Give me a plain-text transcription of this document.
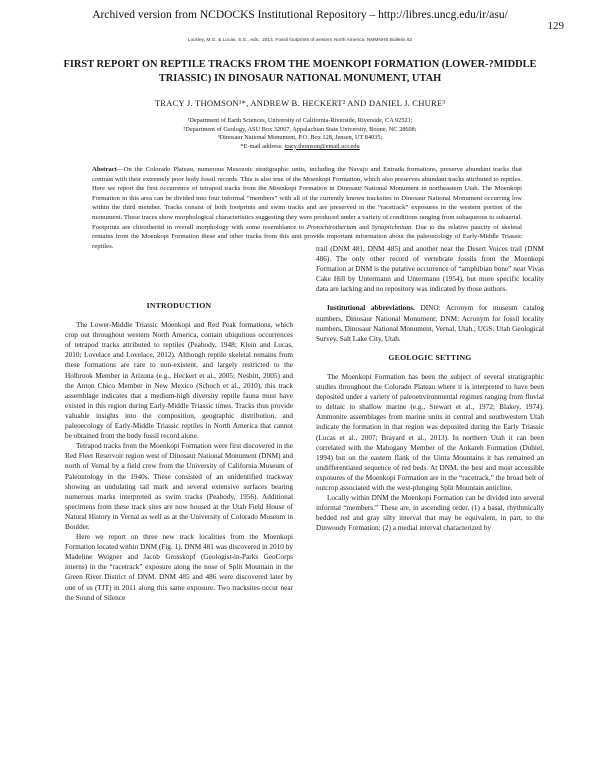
Archived version from NCDOCKS Institutional Repository – http://libres.uncg.edu/ir/asu/
129
Lockley, M.G. & Lucas, S.G., eds., 2014, Fossil footprints of western North America: NMMNHS Bulletin 62
FIRST REPORT ON REPTILE TRACKS FROM THE MOENKOPI FORMATION (LOWER-?MIDDLE TRIASSIC) IN DINOSAUR NATIONAL MONUMENT, UTAH
TRACY J. THOMSON¹*, ANDREW B. HECKERT² AND DANIEL J. CHURE³
¹Department of Earth Sciences, University of California-Riverside, Riverside, CA 92521;
²Department of Geology, ASU Box 32067, Appalachian State University, Boone, NC 28608;
³Dinosaur National Monument, P.O. Box 128, Jensen, UT 84035;
*E-mail address: tracy.thomson@email.ucr.edu
Abstract—On the Colorado Plateau, numerous Mesozoic stratigraphic units, including the Navajo and Entrada formations, preserve abundant tracks that contrast with their extremely poor body fossil records. This is also true of the Moenkopi Formation, which also preserves abundant tracks attributed to reptiles. Here we report the first occurrence of tetrapod tracks from the Moenkopi Formation in Dinosaur National Monument in northeastern Utah. The Moenkopi Formation in this area can be divided into four informal “members” with all of the currently known tracksites in Dinosaur National Monument occurring low within the third member. Tracks consist of both footprints and swim tracks and are preserved in the “racetrack” exposures in the western portion of the monument. These traces show morphological characteristics suggesting they were produced under a variety of conditions ranging from subaqueous to subaerial. Footprints are chirotheriid in overall morphology with some resemblance to Protochirotherium and Synaptichnium. Due to the relative paucity of skeletal remains from the Moenkopi Formation these and other tracks from this unit provide important information about the paleoecology of Early-Middle Triassic reptiles.
INTRODUCTION

The Lower-Middle Triassic Moenkopi and Red Peak formations, which crop out throughout western North America, contain ubiquitous occurrences of tetrapod tracks attributed to reptiles (Peabody, 1948; Klein and Lucas, 2010; Lovelace and Lovelace, 2012). Although reptile skeletal remains from these formations are rare to non-existent, and largely restricted to the Holbrook Member in Arizona (e.g., Heckert et al., 2005; Nesbitt, 2005) and the Anton Chico Member in New Mexico (Schoch et al., 2010), this track assemblage indicates that a medium-high diversity reptile fauna must have existed in this region during Early-Middle Triassic times. Tracks thus provide valuable insights into the composition, geographic distribution, and paleoecology of Early-Middle Triassic reptiles in North America that cannot be obtained from the body fossil record alone.

Tetrapod tracks from the Moenkopi Formation were first discovered in the Red Fleet Reservoir region west of Dinosaur National Monument (DNM) and north of Vernal by a field crew from the University of California Museum of Paleontology in the 1940s. These consisted of an unidentified trackway showing an undulating tail mark and several extensive surfaces bearing numerous marks interpreted as swim tracks (Peabody, 1956). Additional specimens from these track sites are now housed at the Utah Field House of Natural History in Vernal as well as at the University of Colorado Museum in Boulder.

Here we report on three new track localities from the Moenkopi Formation located within DNM (Fig. 1). DNM 481 was discovered in 2010 by Madeline Weigner and Jacob Grosskopf (Geologist-in-Parks GeoCorps interns) in the “racetrack” exposure along the nose of Split Mountain in the Green River District of DNM. DNM 485 and 486 were discovered later by one of us (TJT) in 2011 along this same exposure. Two tracksites occur near the Sound of Silence

trail (DNM 481, DNM 485) and another near the Desert Voices trail (DNM 486). The only other record of vertebrate fossils from the Moenkopi Formation at DNM is the putative occurrence of “amphibian bone” near Vivas Cake Hill by Untermann and Untermann (1954), but more specific locality data are lacking and no repository was indicated by those authors.

Institutional abbreviations. DINO: Acronym for museum catalog numbers, Dinosaur National Monument; DNM: Acronym for fossil locality numbers, Dinosaur National Monument, Vernal, Utah.; UGS: Utah Geological Survey, Salt Lake City, Utah.

GEOLOGIC SETTING

The Moenkopi Formation has been the subject of several stratigraphic studies throughout the Colorado Plateau where it is interpreted to have been deposited under a variety of paleoenvironmental regimes ranging from fluvial to deltaic to shallow marine (e.g., Stewart et al., 1972; Blakey, 1974). Ammonite assemblages from marine units in central and southwestern Utah indicate the formation in that region was deposited during the Early Triassic (Lucas et al., 2007; Brayard et al., 2013). In northern Utah it can been correlated with the Mahogany Member of the Ankareh Formation (Dubiel, 1994) but on the eastern flank of the Uinta Mountains it has remained an undifferentiated sequence of red beds. At DNM, the best and most accessible exposures of the Moenkopi Formation are in the “racetrack,” the broad belt of outcrop associated with the west-plunging Split Mountain anticline.

Locally within DNM the Moenkopi Formation can be divided into several informal “members.” These are, in ascending order, (1) a basal, rhythmically bedded red and gray silty interval that may be equivalent, in part, to the Dinwoody Formation; (2) a medial interval characterized by
